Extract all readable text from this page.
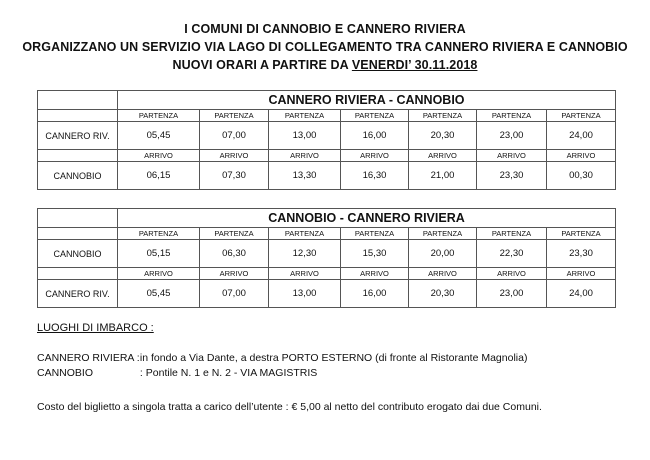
I COMUNI DI CANNOBIO E CANNERO RIVIERA
ORGANIZZANO UN SERVIZIO VIA LAGO DI COLLEGAMENTO TRA CANNERO RIVIERA E CANNOBIO
NUOVI ORARI A PARTIRE DA VENERDI’ 30.11.2018
	CANNERO RIVIERA - CANNOBIO						
	PARTENZA	PARTENZA	PARTENZA	PARTENZA	PARTENZA	PARTENZA	PARTENZA
CANNERO RIV.	05,45	07,00	13,00	16,00	20,30	23,00	24,00
	ARRIVO	ARRIVO	ARRIVO	ARRIVO	ARRIVO	ARRIVO	ARRIVO
CANNOBIO	06,15	07,30	13,30	16,30	21,00	23,30	00,30
	CANNOBIO - CANNERO RIVIERA						
	PARTENZA	PARTENZA	PARTENZA	PARTENZA	PARTENZA	PARTENZA	PARTENZA
CANNOBIO	05,15	06,30	12,30	15,30	20,00	22,30	23,30
	ARRIVO	ARRIVO	ARRIVO	ARRIVO	ARRIVO	ARRIVO	ARRIVO
CANNERO RIV.	05,45	07,00	13,00	16,00	20,30	23,00	24,00
LUOGHI DI IMBARCO :
CANNERO RIVIERA : in fondo a Via Dante, a destra PORTO ESTERNO (di fronte al Ristorante Magnolia)
CANNOBIO	: Pontile N. 1 e N. 2 - VIA MAGISTRIS
Costo del biglietto a singola tratta a carico dell’utente : € 5,00 al netto del contributo erogato dai due Comuni.
